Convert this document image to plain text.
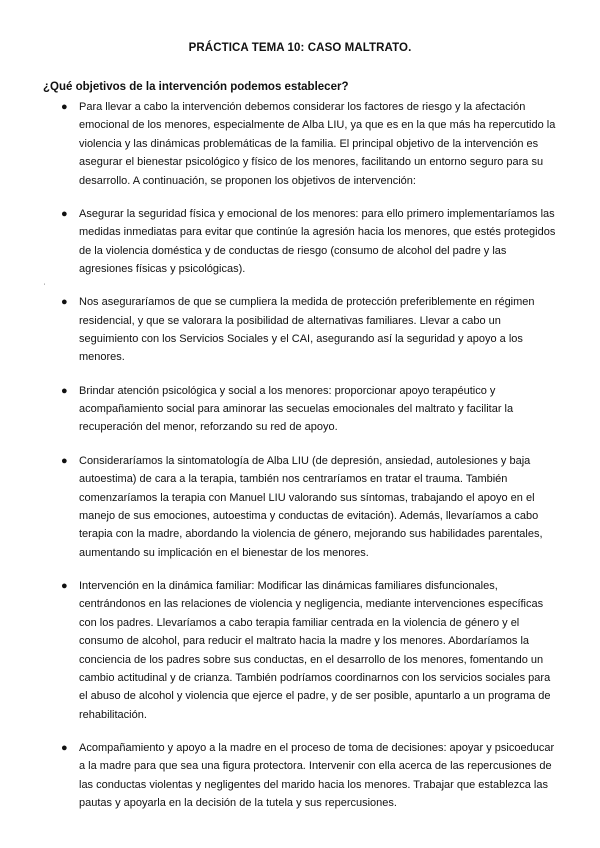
PRÁCTICA TEMA 10: CASO MALTRATO.
¿Qué objetivos de la intervención podemos establecer?
'
● Para llevar a cabo la intervención debemos considerar los factores de riesgo y la afectación emocional de los menores, especialmente de Alba LIU, ya que es en la que más ha repercutido la violencia y las dinámicas problemáticas de la familia. El principal objetivo de la intervención es asegurar el bienestar psicológico y físico de los menores, facilitando un entorno seguro para su desarrollo. A continuación, se proponen los objetivos de intervención:
● Asegurar la seguridad física y emocional de los menores: para ello primero implementaríamos las medidas inmediatas para evitar que continúe la agresión hacia los menores, que estés protegidos de la violencia doméstica y de conductas de riesgo (consumo de alcohol del padre y las agresiones físicas y psicológicas).
● Nos aseguraríamos de que se cumpliera la medida de protección preferiblemente en régimen residencial, y que se valorara la posibilidad de alternativas familiares. Llevar a cabo un seguimiento con los Servicios Sociales y el CAI, asegurando así la seguridad y apoyo a los menores.
● Brindar atención psicológica y social a los menores: proporcionar apoyo terapéutico y acompañamiento social para aminorar las secuelas emocionales del maltrato y facilitar la recuperación del menor, reforzando su red de apoyo.
● Consideraríamos la sintomatología de Alba LIU (de depresión, ansiedad, autolesiones y baja autoestima) de cara a la terapia, también nos centraríamos en tratar el trauma. También comenzaríamos la terapia con Manuel LIU valorando sus síntomas, trabajando el apoyo en el manejo de sus emociones, autoestima y conductas de evitación). Además, llevaríamos a cabo terapia con la madre, abordando la violencia de género, mejorando sus habilidades parentales, aumentando su implicación en el bienestar de los menores.
● Intervención en la dinámica familiar: Modificar las dinámicas familiares disfuncionales, centrándonos en las relaciones de violencia y negligencia, mediante intervenciones específicas con los padres. Llevaríamos a cabo terapia familiar centrada en la violencia de género y el consumo de alcohol, para reducir el maltrato hacia la madre y los menores. Abordaríamos la conciencia de los padres sobre sus conductas, en el desarrollo de los menores, fomentando un cambio actitudinal y de crianza. También podríamos coordinarnos con los servicios sociales para el abuso de alcohol y violencia que ejerce el padre, y de ser posible, apuntarlo a un programa de rehabilitación.
● Acompañamiento y apoyo a la madre en el proceso de toma de decisiones: apoyar y psicoeducar a la madre para que sea una figura protectora. Intervenir con ella acerca de las repercusiones de las conductas violentas y negligentes del marido hacia los menores. Trabajar que establezca las pautas y apoyarla en la decisión de la tutela y sus repercusiones.
